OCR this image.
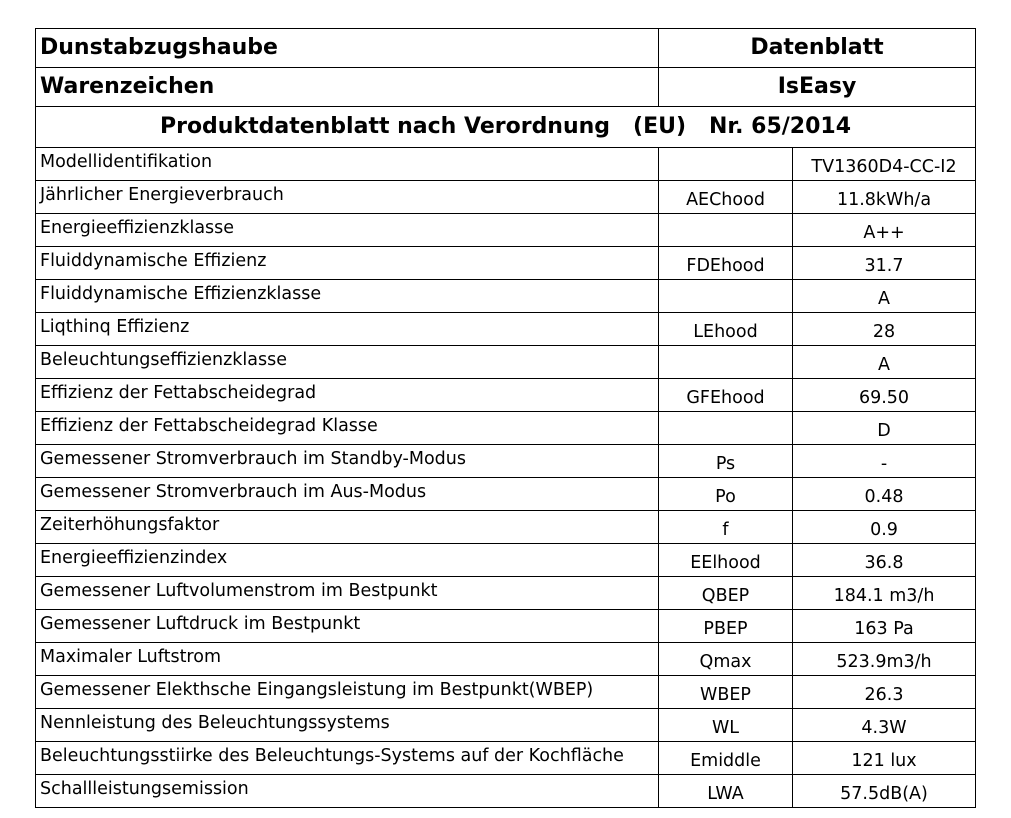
Dunstabzugshaube	Datenblatt	
Warenzeichen	IsEasy	
Produktdatenblatt nach Verordnung   (EU)   Nr. 65/2014		
Modellidentifikation		TV1360D4-CC-I2
Jährlicher Energieverbrauch	AEChood	11.8kWh/a
Energieeffizienzklasse		A++
Fluiddynamische Effizienz	FDEhood	31.7
Fluiddynamische Effizienzklasse		A
Liqthinq Effizienz	LEhood	28
Beleuchtungseffizienzklasse		A
Effizienz der Fettabscheidegrad	GFEhood	69.50
Effizienz der Fettabscheidegrad Klasse		D
Gemessener Stromverbrauch im Standby-Modus	Ps	-
Gemessener Stromverbrauch im Aus-Modus	Po	0.48
Zeiterhöhungsfaktor	f	0.9
Energieeffizienzindex	EElhood	36.8
Gemessener Luftvolumenstrom im Bestpunkt	QBEP	184.1 m3/h
Gemessener Luftdruck im Bestpunkt	PBEP	163 Pa
Maximaler Luftstrom	Qmax	523.9m3/h
Gemessener Elekthsche Eingangsleistung im Bestpunkt(WBEP)	WBEP	26.3
Nennleistung des Beleuchtungssystems	WL	4.3W
Beleuchtungsstiirke des Beleuchtungs-Systems auf der Kochfläche	Emiddle	121 lux
Schallleistungsemission	LWA	57.5dB(A)
